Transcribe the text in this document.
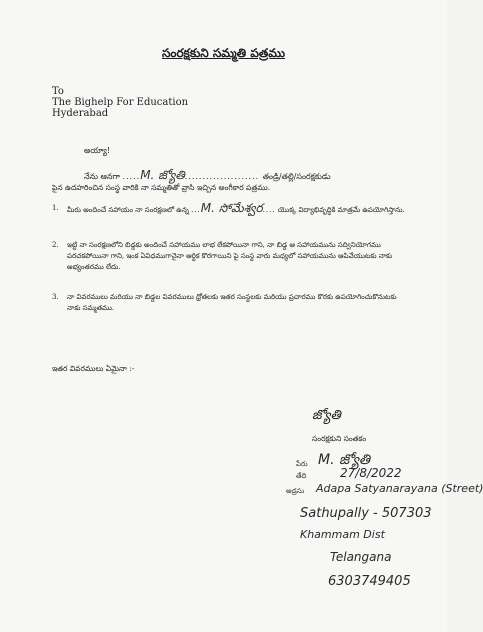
సంరక్షకుని సమ్మతి పత్రము
To
The Bighelp For Education
Hyderabad
అయ్యా!
నేను ఆనగా .....M. జ్యోతి..................... తండ్రి/తల్లి/సంరక్షకుడు
పైన ఉదహరించిన సంస్థ వారికి నా సమ్మతితో వ్రాసి ఇచ్చిన అంగీకార పత్రము.
1. మీరు అందించే సహాయం నా సంరక్షణలో ఉన్న ...M. సోమేశ్వర.... యొక్క విద్యాభివృద్ధికి మాత్రమే ఉపయోగిస్తాను.
2. ఇట్టి నా సంరక్షణలోని బిడ్డకు అందించే సహాయము లాభ లేకపోయినా గాని, నా బిడ్డ ఆ సహాయమును సద్వినియోగము పరచకపోయినా గాని, ఇంక ఏవిధముగానైనా ఆర్థిక కొరగాయిని పై సంస్థ వారు మధ్యలో సహాయమును ఆపివేయుటకు నాకు అభ్యంతరము లేదు.
3. నా వివరములు మరియు నా బిడ్డల వివరములు ధ్రోతలకు ఇతర సంస్థలకు మరియు ప్రచారము కొరకు ఉపయోగించుకొనుటకు నాకు సమ్మతము.
ఇతర వివరములు ఏమైనా :-
జ్యోతి
సంరక్షకుని సంతకం
పేరు M. జ్యోతి
తేది	27/8/2022
అడ్రసు Adapa Satyanarayana (Street)
Sathupally - 507303
Khammam Dist
Telangana
6303749405
